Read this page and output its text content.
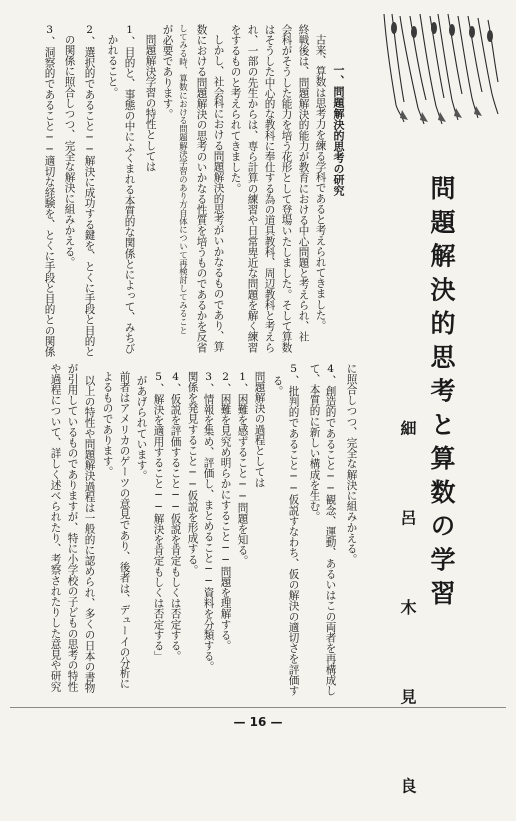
問題解決的思考と算数の学習
細 呂 木 見 良
古来、算数は思考力を練る学科であると考えられてきました。
終戦後は、問題解決的能力が教育における中心問題と考えられ、社
会科がそうした能力を培う花形として登場いたしました。そして算数
はそうした中心的な教科に奉仕する為の道具教科、周辺教科と考えら
れ、一部の先生からは、専ら計算の練習や日常卑近な問題を解く練習
をするものと考えられてきました。
しかし、社会科における問題解決的思考がいかなるものであり、算
数における問題解決の思考のいかなる性質を培うものであるかを反省
してみる時、算数における問題解決学習のあり方自体について再検討してみること
が必要であります。
問題解決学習の特性としては
1、目的と、事態の中にふくまれる本質的な関係とによって、みちび
かれること。
2、選択的であること──解決に成功する鍵を、とくに手段と目的と
の関係に照合しつつ、完全な解決に組みかえる。
3、洞察的であること──適切な経験を、とくに手段と目的との関係	一、問題解決的思考の研究
に照合しつつ、完全な解決に組みかえる。
4、創造的であること──観念、運動、あるいはこの両者を再構成し
て、本質的に新しい構成を生む。
5、批判的であること──仮説すなわち、仮の解決の適切さを評価す
る。
問題解決の過程としては
1、困難を感ずること──問題を知る。
2、困難を見究め明らかにすること──問題を理解する。
3、情報を集め、評価し、まとめること──資料を分類する。
関係を発見すること──仮説を形成する。
4、仮説を評価すること──仮説を肯定もしくは否定する。
5、解決を適用すること──解決を肯定もしくは否定する」
があげられています。
前者はアメリカのゲーツの意見であり、後者は、デューイの分析に
よるものであります。
以上の特性や問題解決過程は一般的に認められ、多くの日本の書物
が引用しているものでありますが、特に小学校の子どもの思考の特性
や過程について、詳しく述べられたり、考察されたりした意見や研究
— 16 —
